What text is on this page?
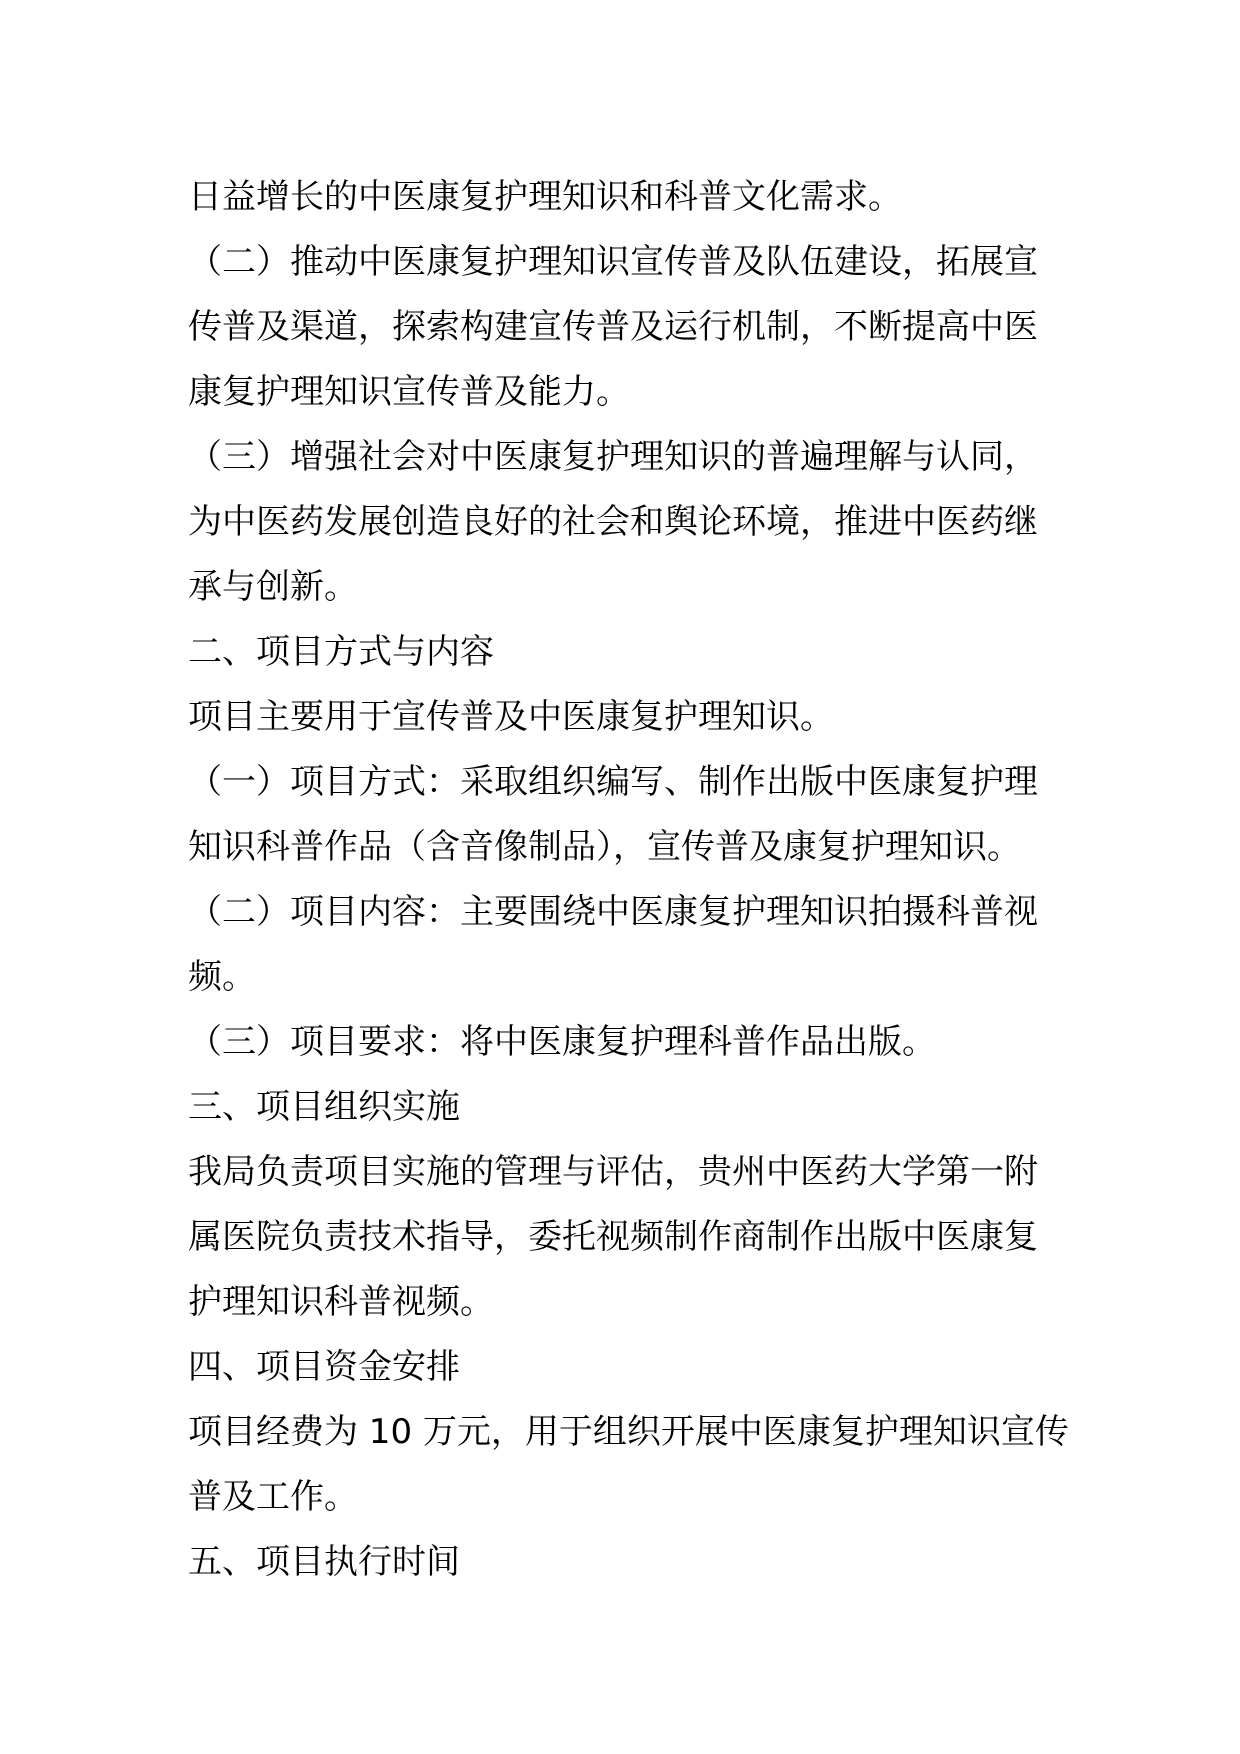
日益增长的中医康复护理知识和科普文化需求。
（二）推动中医康复护理知识宣传普及队伍建设，拓展宣
传普及渠道，探索构建宣传普及运行机制，不断提高中医
康复护理知识宣传普及能力。
（三）增强社会对中医康复护理知识的普遍理解与认同，
为中医药发展创造良好的社会和舆论环境，推进中医药继
承与创新。
二、项目方式与内容
项目主要用于宣传普及中医康复护理知识。
（一）项目方式：采取组织编写、制作出版中医康复护理
知识科普作品（含音像制品），宣传普及康复护理知识。
（二）项目内容：主要围绕中医康复护理知识拍摄科普视
频。
（三）项目要求：将中医康复护理科普作品出版。
三、项目组织实施
我局负责项目实施的管理与评估，贵州中医药大学第一附
属医院负责技术指导，委托视频制作商制作出版中医康复
护理知识科普视频。
四、项目资金安排
项目经费为 10 万元，用于组织开展中医康复护理知识宣传
普及工作。
五、项目执行时间
